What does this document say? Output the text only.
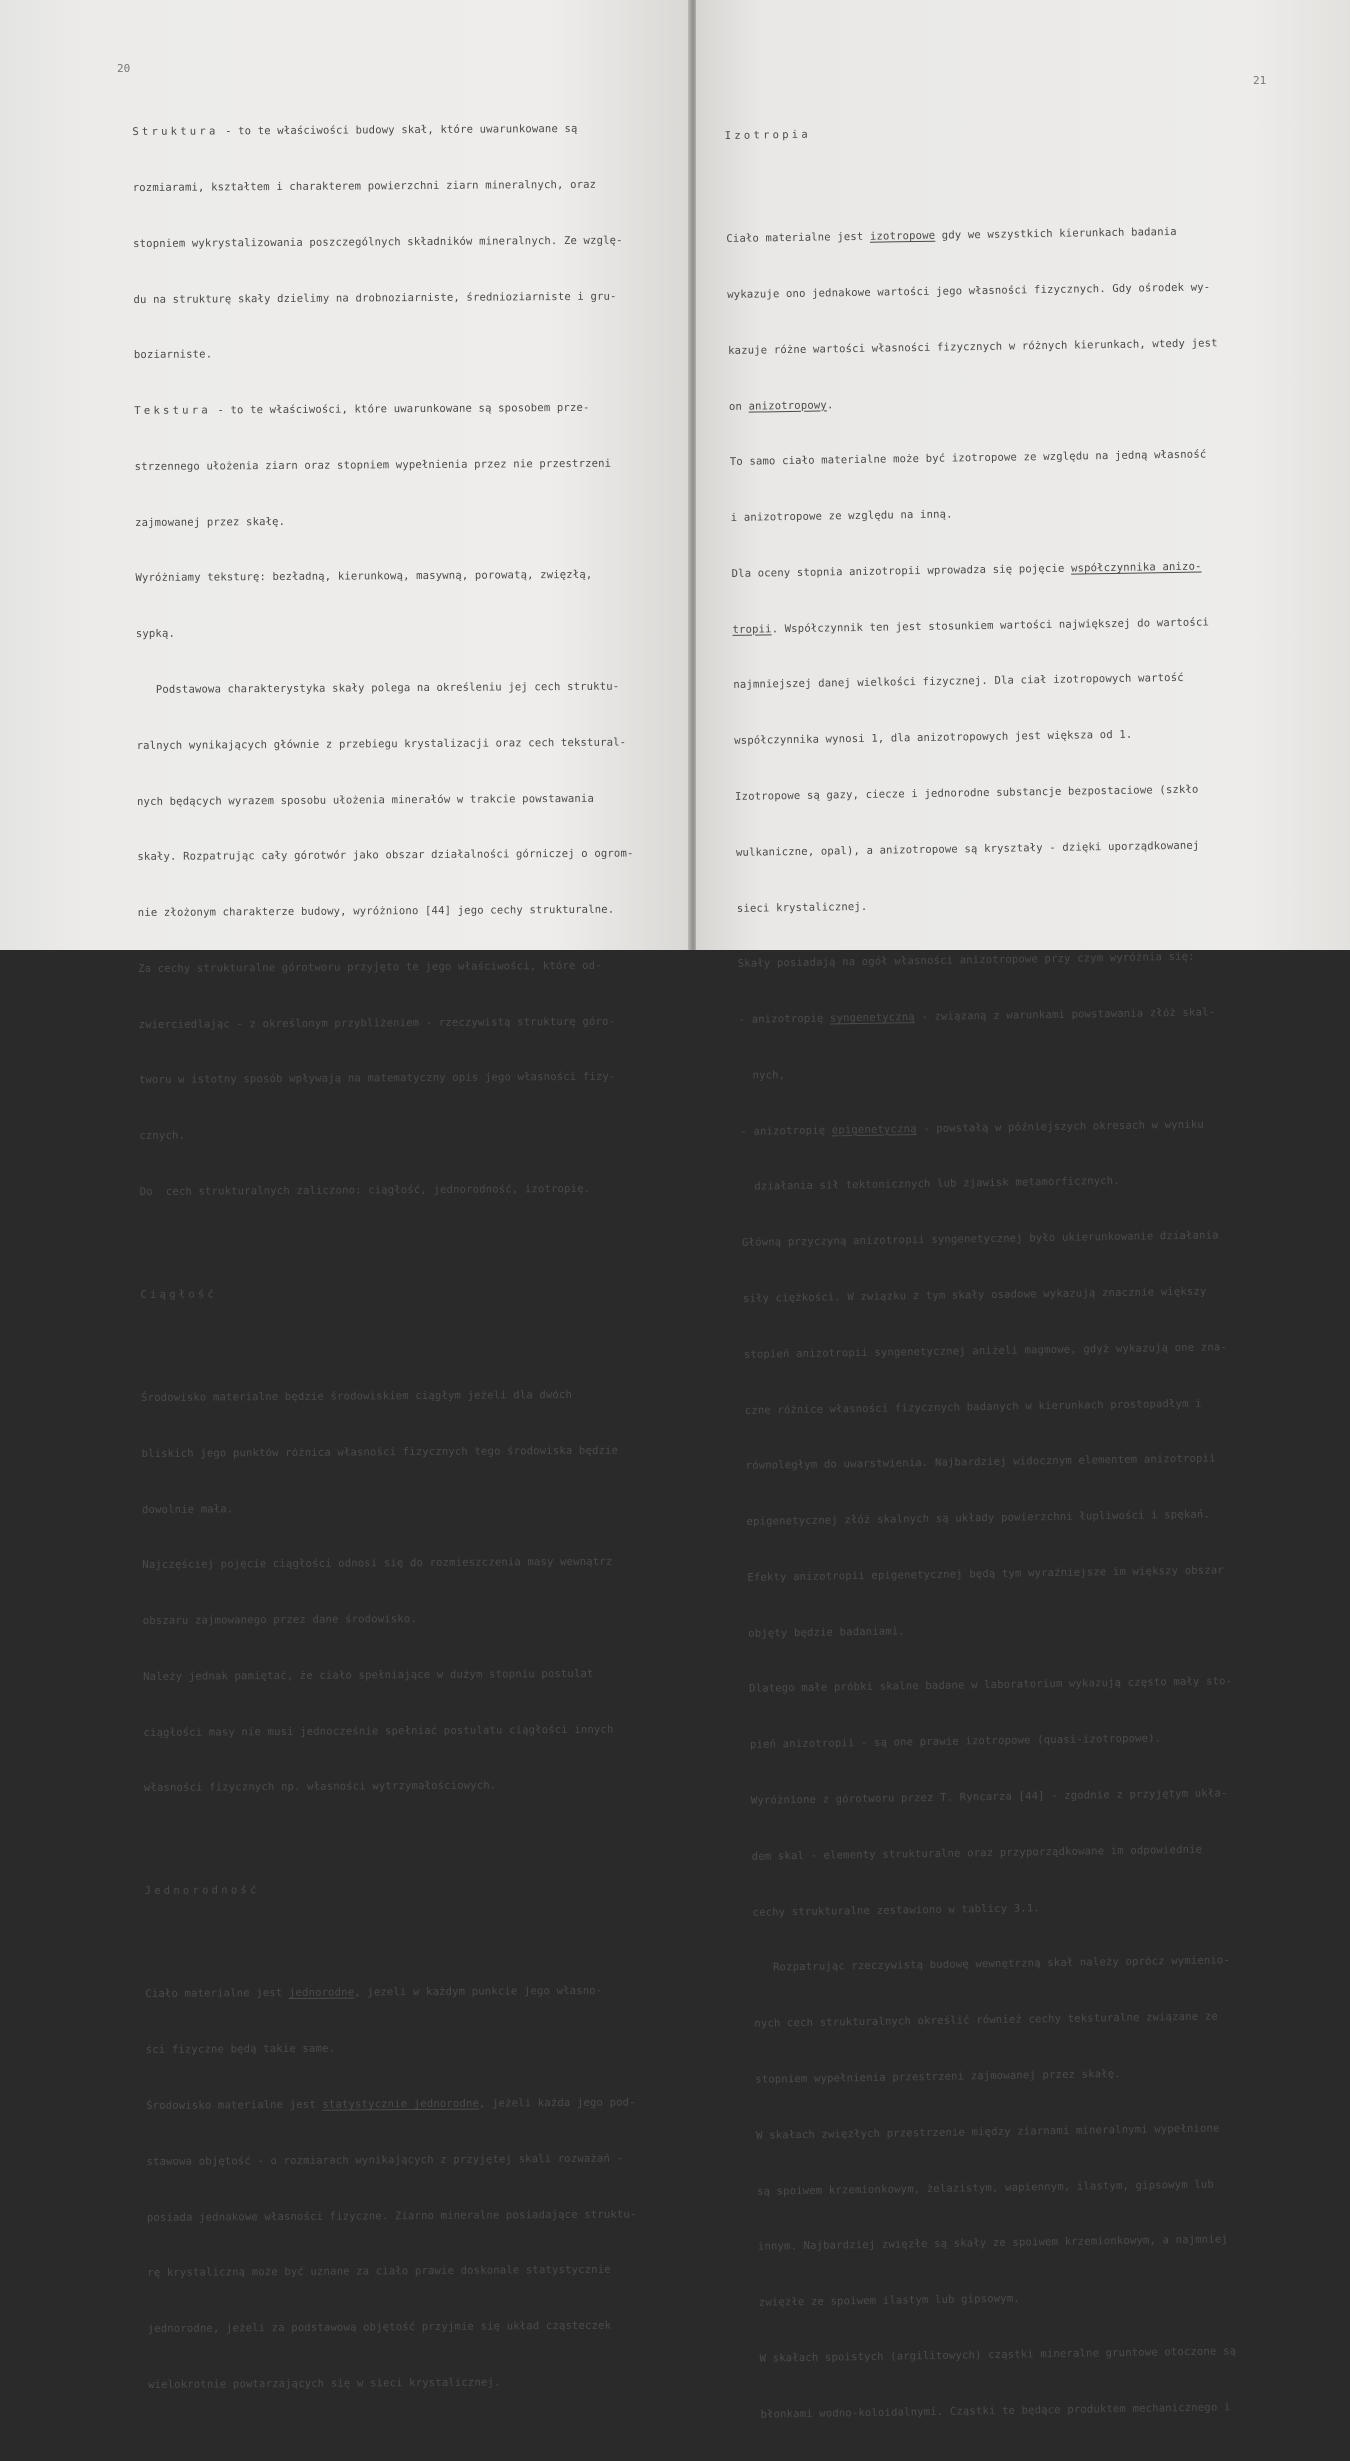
20

Struktura - to te właściwości budowy skał, które uwarunkowane są

rozmiarami, kształtem i charakterem powierzchni ziarn mineralnych, oraz

stopniem wykrystalizowania poszczególnych składników mineralnych. Ze wzglę-

du na strukturę skały dzielimy na drobnoziarniste, średnioziarniste i gru-

boziarniste.

Tekstura - to te właściwości, które uwarunkowane są sposobem prze-

strzennego ułożenia ziarn oraz stopniem wypełnienia przez nie przestrzeni

zajmowanej przez skałę.

Wyróżniamy teksturę: bezładną, kierunkową, masywną, porowatą, zwięzłą,

sypką.

Podstawowa charakterystyka skały polega na określeniu jej cech struktu-

ralnych wynikających głównie z przebiegu krystalizacji oraz cech tekstural-

nych będących wyrazem sposobu ułożenia minerałów w trakcie powstawania

skały. Rozpatrując cały górotwór jako obszar działalności górniczej o ogrom-

nie złożonym charakterze budowy, wyróżniono [44] jego cechy strukturalne.

Za cechy strukturalne górotworu przyjęto te jego właściwości, które od-

zwierciedlając - z określonym przybliżeniem - rzeczywistą strukturę góro-

tworu w istotny sposób wpływają na matematyczny opis jego własności fizy-

cznych.

Do  cech strukturalnych zaliczono: ciągłość, jednorodność, izotropię.

Ciągłość

Środowisko materialne będzie środowiskiem ciągłym jeżeli dla dwóch

bliskich jego punktów różnica własności fizycznych tego środowiska będzie

dowolnie mała.

Najczęściej pojęcie ciągłości odnosi się do rozmieszczenia masy wewnątrz

obszaru zajmowanego przez dane środowisko.

Należy jednak pamiętać, że ciało spełniające w dużym stopniu postulat

ciągłości masy nie musi jednocześnie spełniać postulatu ciągłości innych

własności fizycznych np. własności wytrzymałościowych.

Jednorodność

Ciało materialne jest jednorodne, jezeli w każdym punkcie jego własno-

ści fizyczne będą takie same.

Środowisko materialne jest statystycznie jednorodne, jeżeli każda jego pod-

stawowa objętość - o rozmiarach wynikających z przyjętej skali rozważań -

posiada jednakowe własności fizyczne. Ziarno mineralne posiadające struktu-

rę krystaliczną może być uznane za ciało prawie doskonale statystycznie

jednorodne, jeżeli za podstawową objętość przyjmie się układ cząsteczek

wielokrotnie powtarzających się w sieci krystalicznej.

21

Izotropia

Ciało materialne jest izotropowe gdy we wszystkich kierunkach badania

wykazuje ono jednakowe wartości jego własności fizycznych. Gdy ośrodek wy-

kazuje różne wartości własności fizycznych w różnych kierunkach, wtedy jest

on anizotropowy.

To samo ciało materialne może być izotropowe ze względu na jedną własność

i anizotropowe ze względu na inną.

Dla oceny stopnia anizotropii wprowadza się pojęcie współczynnika anizo-

tropii. Współczynnik ten jest stosunkiem wartości największej do wartości

najmniejszej danej wielkości fizycznej. Dla ciał izotropowych wartość

współczynnika wynosi 1, dla anizotropowych jest większa od 1.

Izotropowe są gazy, ciecze i jednorodne substancje bezpostaciowe (szkło

wulkaniczne, opal), a anizotropowe są kryształy - dzięki uporządkowanej

sieci krystalicznej.

Skały posiadają na ogół własności anizotropowe przy czym wyróżnia się:

- anizotropię syngenetyczną - związaną z warunkami powstawania złóż skal-

nych,

- anizotropię epigenetyczną - powstałą w późniejszych okresach w wyniku

działania sił tektonicznych lub zjawisk metamorficznych.

Główną przyczyną anizotropii syngenetycznej było ukierunkowanie działania

siły ciężkości. W związku z tym skały osadowe wykazują znacznie większy

stopień anizotropii syngenetycznej aniżeli magmowe, gdyż wykazują one zna-

czne różnice własności fizycznych badanych w kierunkach prostopadłym i

równoległym do uwarstwienia. Najbardziej widocznym elementem anizotropii

epigenetycznej złóż skalnych są układy powierzchni łupliwości i spękań.

Efekty anizotropii epigenetycznej będą tym wyraźniejsze im większy obszar

objęty będzie badaniami.

Dlatego małe próbki skalne badane w laboratorium wykazują często mały sto-

pień anizotropii - są one prawie izotropowe (quasi-izotropowe).

Wyróżnione z górotworu przez T. Ryncarza [44] - zgodnie z przyjętym ukła-

dem skal - elementy strukturalne oraz przyporządkowane im odpowiednie

cechy strukturalne zestawiono w tablicy 3.1.

Rozpatrując rzeczywistą budowę wewnętrzną skał należy oprócz wymienio-

nych cech strukturalnych określić również cechy teksturalne związane ze

stopniem wypełnienia przestrzeni zajmowanej przez skałę.

W skałach zwięzłych przestrzenie między ziarnami mineralnymi wypełnione

są spoiwem krzemionkowym, żelazistym, wapiennym, ilastym, gipsowym lub

innym. Najbardziej zwięzłe są skały ze spoiwem krzemionkowym, a najmniej

zwięzłe ze spoiwem ilastym lub gipsowym.

W skałach spoistych (argilitowych) cząstki mineralne gruntowe otoczone są

błonkami wodno-koloidalnymi. Cząstki te będące produktem mechanicznego i
